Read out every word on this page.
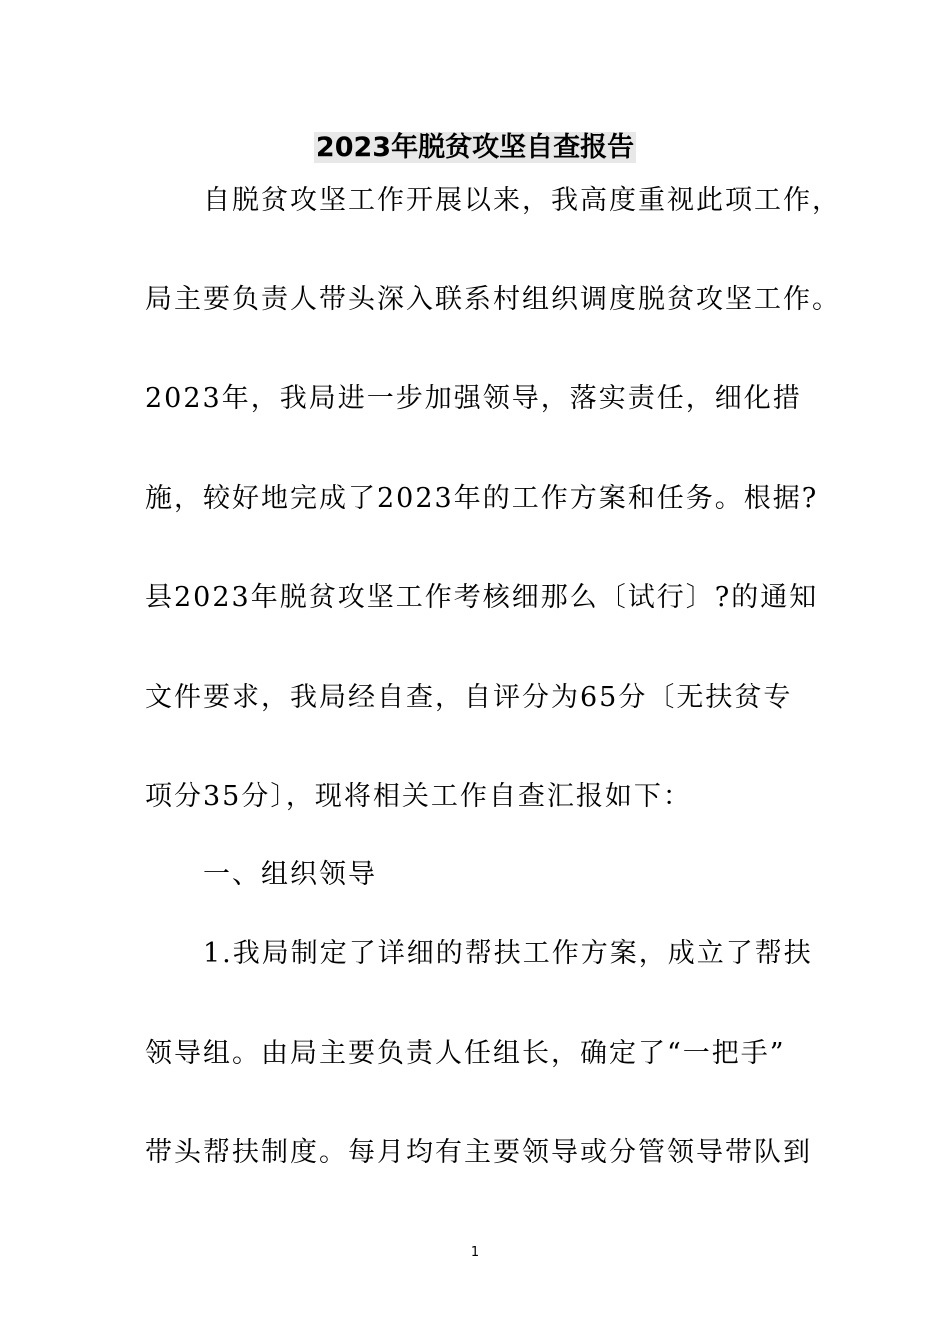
2023年脱贫攻坚自查报告
　　自脱贫攻坚工作开展以来，我高度重视此项工作，
局主要负责人带头深入联系村组织调度脱贫攻坚工作。
2023年，我局进一步加强领导，落实责任，细化措
施，较好地完成了2023年的工作方案和任务。根据?
县2023年脱贫攻坚工作考核细那么〔试行〕?的通知
文件要求，我局经自查，自评分为65分〔无扶贫专
项分35分〕，现将相关工作自查汇报如下：
　　一、组织领导
　　1.我局制定了详细的帮扶工作方案，成立了帮扶
领导组。由局主要负责人任组长，确定了“一把手”
带头帮扶制度。每月均有主要领导或分管领导带队到
1
